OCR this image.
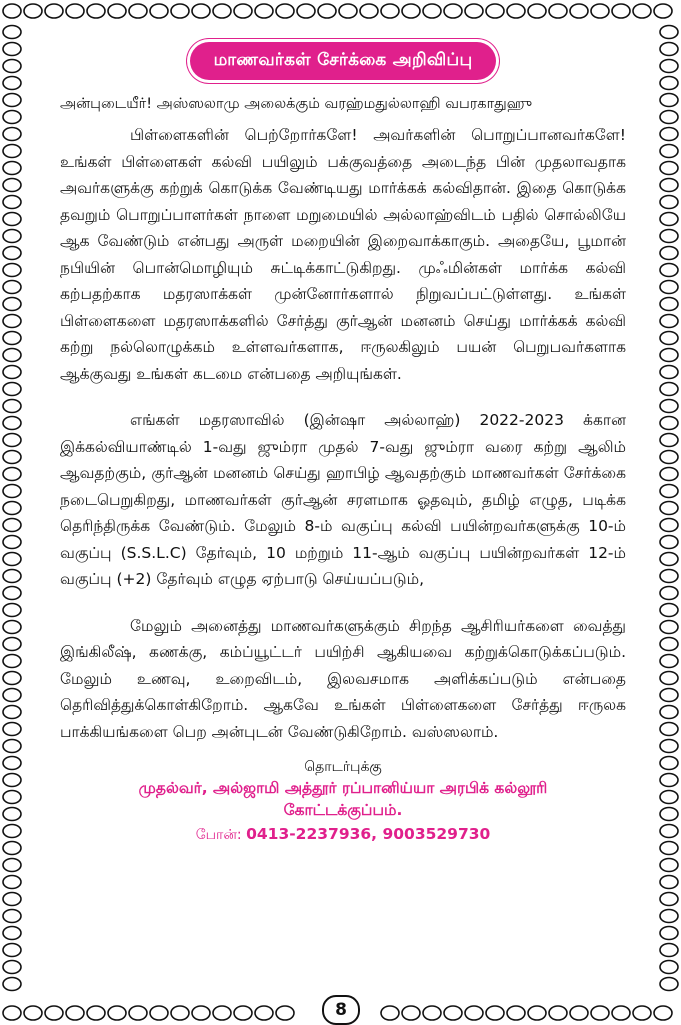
மாணவர்கள் சேர்க்கை அறிவிப்பு
அன்புடையீர்! அஸ்ஸலாமு அலைக்கும் வரஹ்மதுல்லாஹி வபரகாதுஹு

பிள்ளைகளின் பெற்றோர்களே! அவர்களின் பொறுப்பானவர்களே! உங்கள் பிள்ளைகள் கல்வி பயிலும் பக்குவத்தை அடைந்த பின் முதலாவதாக அவர்களுக்கு கற்றுக் கொடுக்க வேண்டியது மார்க்கக் கல்விதான். இதை கொடுக்க தவறும் பொறுப்பாளர்கள் நாளை மறுமையில் அல்லாஹ்விடம் பதில் சொல்லியே ஆக வேண்டும் என்பது அருள் மறையின் இறைவாக்காகும். அதையே, பூமான் நபியின் பொன்மொழியும் சுட்டிக்காட்டுகிறது. முஃமின்கள் மார்க்க கல்வி கற்பதற்காக மதரஸாக்கள் முன்னோர்களால் நிறுவப்பட்டுள்ளது. உங்கள் பிள்ளைகளை மதரஸாக்களில் சேர்த்து குர்ஆன் மனனம் செய்து மார்க்கக் கல்வி கற்று நல்லொழுக்கம் உள்ளவர்களாக, ஈருலகிலும் பயன் பெறுபவர்களாக ஆக்குவது உங்கள் கடமை என்பதை அறியுங்கள்.

எங்கள் மதரஸாவில் (இன்ஷா அல்லாஹ்) 2022-2023 க்கான இக்கல்வியாண்டில் 1-வது ஜும்ரா முதல் 7-வது ஜும்ரா வரை கற்று ஆலிம் ஆவதற்கும், குர்ஆன் மனனம் செய்து ஹாபிழ் ஆவதற்கும் மாணவர்கள் சேர்க்கை நடைபெறுகிறது, மாணவர்கள் குர்ஆன் சரளமாக ஓதவும், தமிழ் எழுத, படிக்க தெரிந்திருக்க வேண்டும். மேலும் 8-ம் வகுப்பு கல்வி பயின்றவர்களுக்கு 10-ம் வகுப்பு (S.S.L.C) தேர்வும், 10 மற்றும் 11-ஆம் வகுப்பு பயின்றவர்கள் 12-ம் வகுப்பு (+2) தேர்வும் எழுத ஏற்பாடு செய்யப்படும்,

மேலும் அனைத்து மாணவர்களுக்கும் சிறந்த ஆசிரியர்களை வைத்து இங்கிலீஷ், கணக்கு, கம்ப்யூட்டர் பயிற்சி ஆகியவை கற்றுக்கொடுக்கப்படும். மேலும் உணவு, உறைவிடம், இலவசமாக அளிக்கப்படும் என்பதை தெரிவித்துக்கொள்கிறோம். ஆகவே உங்கள் பிள்ளைகளை சேர்த்து ஈருலக பாக்கியங்களை பெற அன்புடன் வேண்டுகிறோம். வஸ்ஸலாம்.

தொடர்புக்கு
முதல்வர், அல்ஜாமி அத்தூர் ரப்பானிய்யா அரபிக் கல்லூரி
கோட்டக்குப்பம்.
போன்: 0413-2237936, 9003529730
8
